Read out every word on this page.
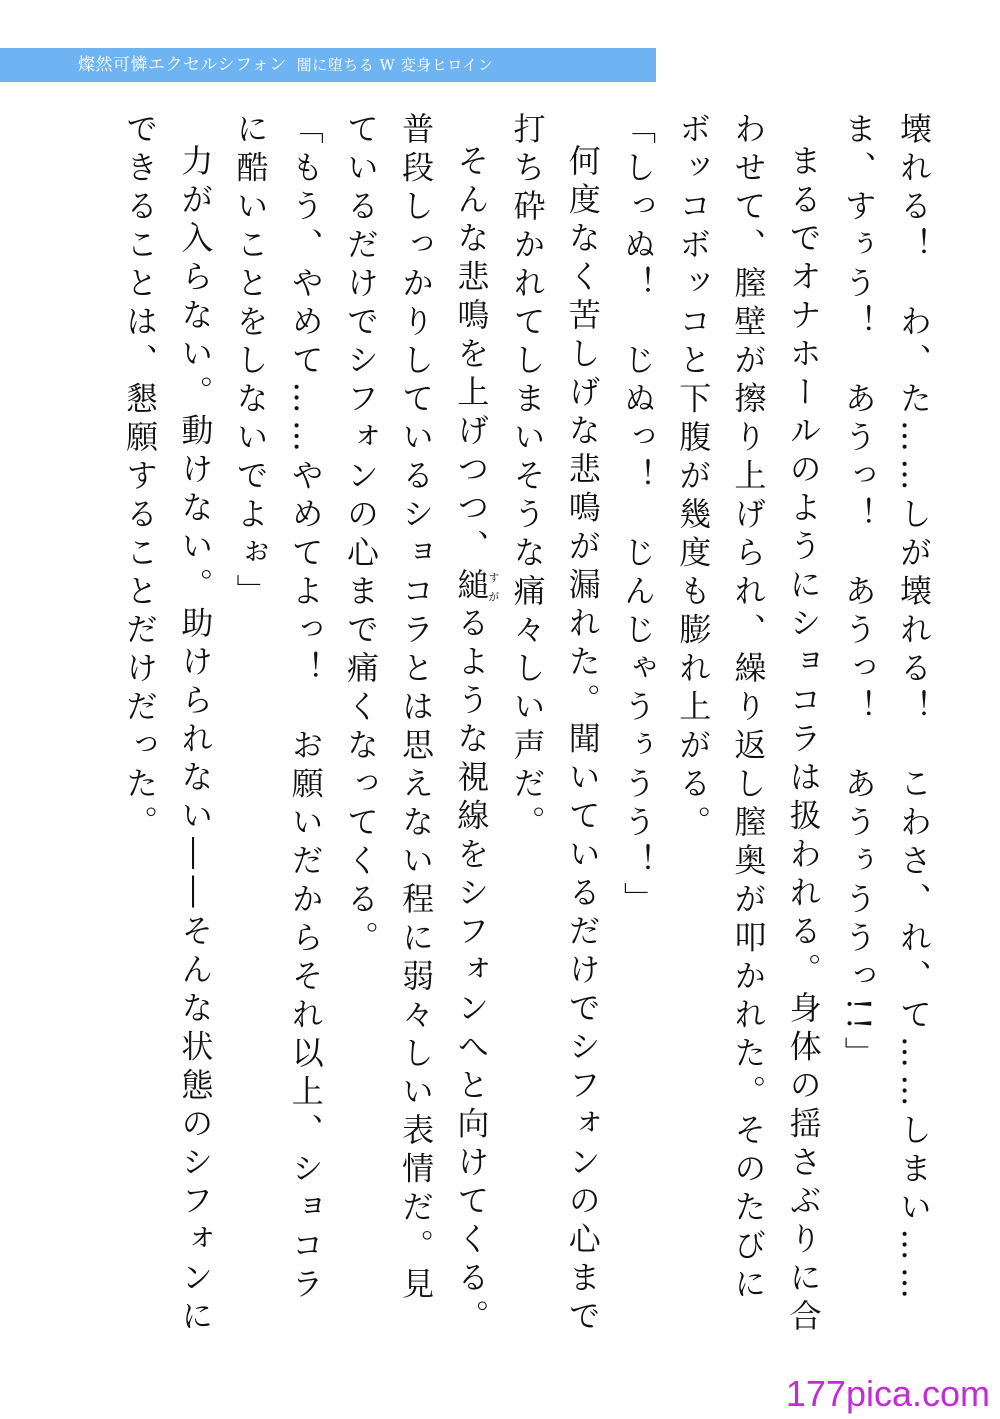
燦然可憐エクセルシフォン 闇に堕ちる W 変身ヒロイン

壊れる！　わ、た……しが壊れる！　こわさ、れ、て……しまい……ま、すぅう！　あうっ！　あうっ！　あうぅううっ!!」

まるでオナホールのようにショコラは扱われる。身体の揺さぶりに合わせて、膣壁が擦り上げられ、繰り返し膣奥が叩かれた。そのたびにボッコボッコと下腹が幾度も膨れ上がる。

「しっぬ！　じぬっ！　じんじゃうぅうう！」

何度なく苦しげな悲鳴が漏れた。聞いているだけでシフォンの心まで打ち砕かれてしまいそうな痛々しい声だ。

そんな悲鳴を上げつつ、縋すがるような視線をシフォンへと向けてくる。普段しっかりしているショコラとは思えない程に弱々しい表情だ。見ているだけでシフォンの心まで痛くなってくる。

「もう、やめて……やめてよっ！　お願いだからそれ以上、ショコラに酷いことをしないでよぉ」

力が入らない。動けない。助けられない――そんな状態のシフォンにできることは、懇願することだけだった。

177pica.com
